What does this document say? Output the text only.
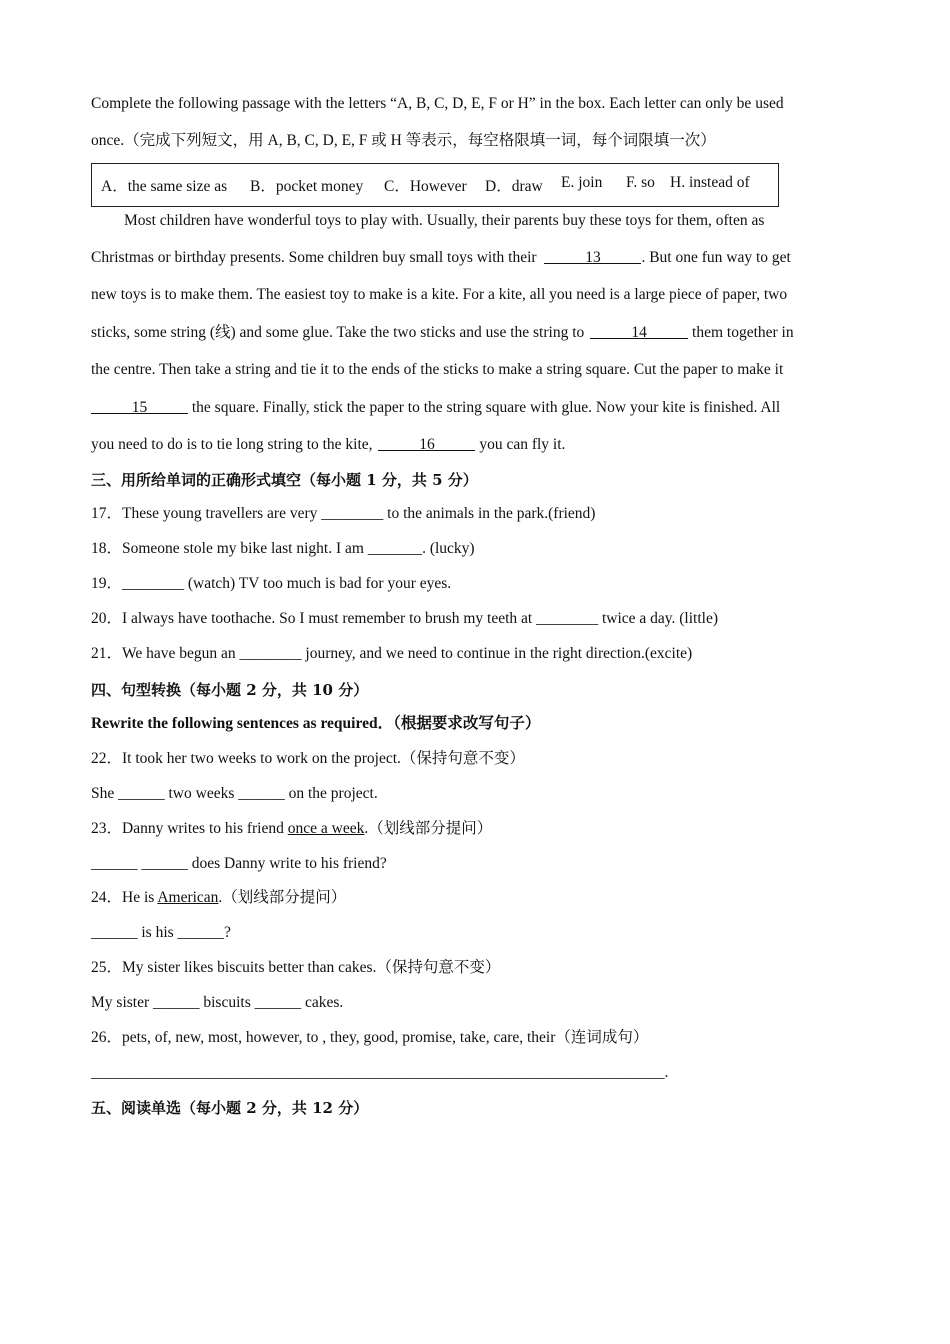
Complete the following passage with the letters “A, B, C, D, E, F or H” in the box. Each letter can only be used
once.（完成下列短文，用 A, B, C, D, E, F 或 H 等表示，每空格限填一词，每个词限填一次）
A．the same size as B．pocket money C．However D．draw E. join F. so H. instead of
Most children have wonderful toys to play with. Usually, their parents buy these toys for them, often as
Christmas or birthday presents. Some children buy small toys with their	13	. But one fun way to get
new toys is to make them. The easiest toy to make is a kite. For a kite, all you need is a large piece of paper, two
sticks, some string (线) and some glue. Take the two sticks and use the string to	14	them together in
the centre. Then take a string and tie it to the ends of the sticks to make a string square. Cut the paper to make it
15	the square. Finally, stick the paper to the string square with glue. Now your kite is finished. All
you need to do is to tie long string to the kite,	16	you can fly it.
三、用所给单词的正确形式填空（每小题 1 分，共 5 分）
17．These young travellers are very ________ to the animals in the park.(friend)
18．Someone stole my bike last night. I am _______. (lucky)
19．________ (watch) TV too much is bad for your eyes.
20．I always have toothache. So I must remember to brush my teeth at ________ twice a day. (little)
21．We have begun an ________ journey, and we need to continue in the right direction.(excite)
四、句型转换（每小题 2 分，共 10 分）
Rewrite the following sentences as required．（根据要求改写句子）
22．It took her two weeks to work on the project.（保持句意不变）
She ______ two weeks ______ on the project.
23．Danny writes to his friend once a week.（划线部分提问）
______ ______ does Danny write to his friend?
24．He is American.（划线部分提问）
______ is his ______?
25．My sister likes biscuits better than cakes.（保持句意不变）
My sister ______ biscuits ______ cakes.
26．pets, of, new, most, however, to , they, good, promise, take, care, their（连词成句）
__________________________________________________________________________.
五、阅读单选（每小题 2 分，共 12 分）
